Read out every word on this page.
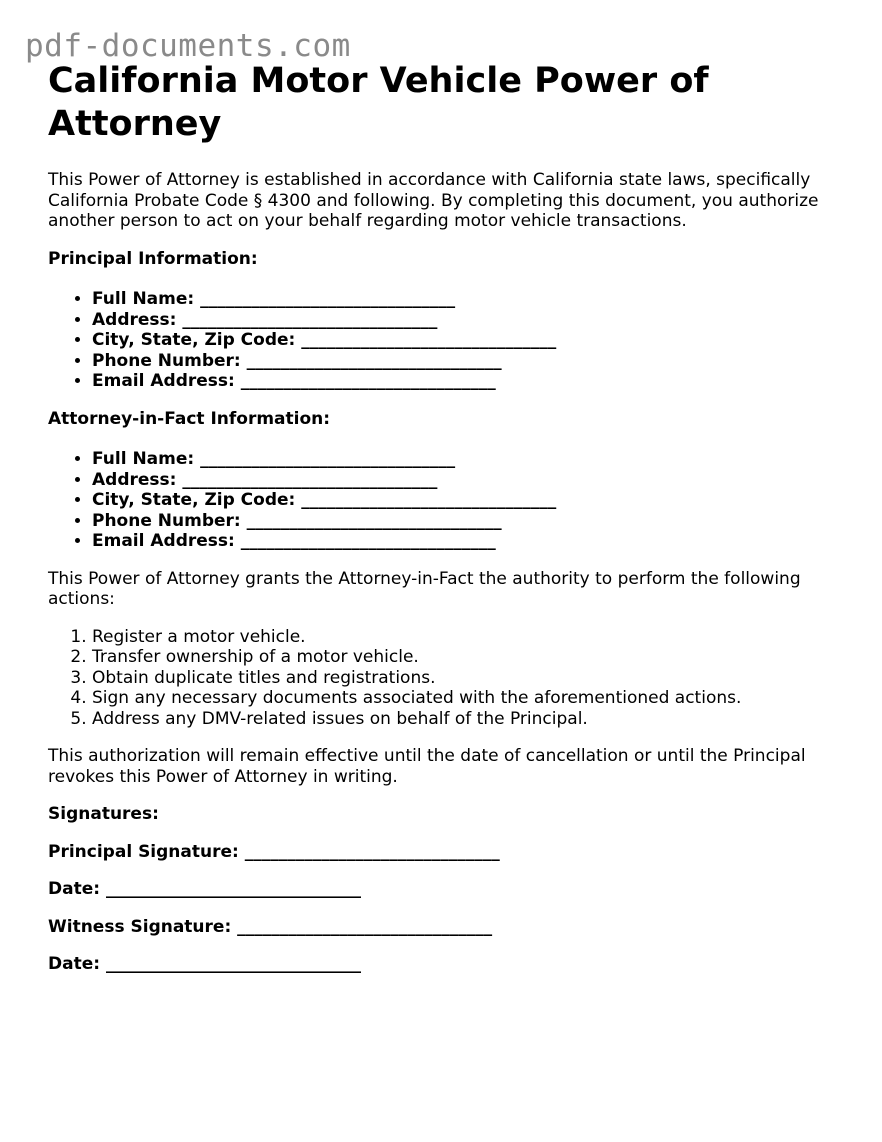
pdf-documents.com
California Motor Vehicle Power of Attorney

This Power of Attorney is established in accordance with California state laws, specifically California Probate Code § 4300 and following. By completing this document, you authorize another person to act on your behalf regarding motor vehicle transactions.

Principal Information:

• Full Name: ______________________________
• Address: ______________________________
• City, State, Zip Code: ______________________________
• Phone Number: ______________________________
• Email Address: ______________________________

Attorney-in-Fact Information:

• Full Name: ______________________________
• Address: ______________________________
• City, State, Zip Code: ______________________________
• Phone Number: ______________________________
• Email Address: ______________________________

This Power of Attorney grants the Attorney-in-Fact the authority to perform the following actions:

1. Register a motor vehicle.
2. Transfer ownership of a motor vehicle.
3. Obtain duplicate titles and registrations.
4. Sign any necessary documents associated with the aforementioned actions.
5. Address any DMV-related issues on behalf of the Principal.

This authorization will remain effective until the date of cancellation or until the Principal revokes this Power of Attorney in writing.

Signatures:

Principal Signature: ______________________________

Date: ______________________________

Witness Signature: ______________________________

Date: ______________________________
